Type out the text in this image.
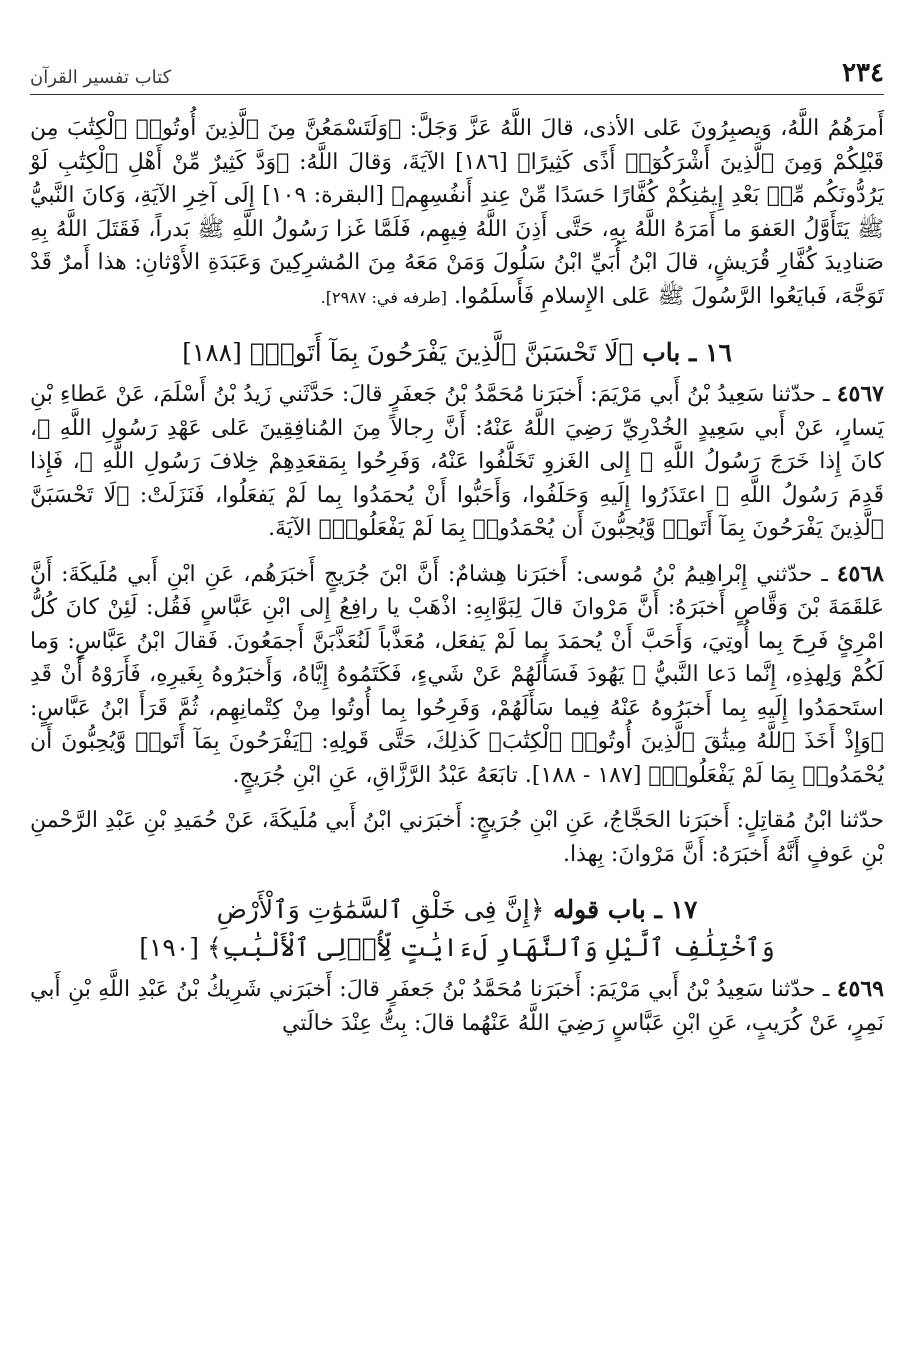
٢٣٤
كتاب تفسير القرآن

أَمرَهُمُ اللَّهُ، وَيصبِرُونَ عَلى الأذى، قالَ اللَّهُ عَزَّ وَجَلَّ: ﴿وَلَتَسْمَعُنَّ مِنَ ٱلَّذِينَ أُوتُوا۟ ٱلْكِتَٰبَ مِن قَبْلِكُمْ وَمِنَ ٱلَّذِينَ أَشْرَكُوٓا۟ أَذًى كَثِيرًا﴾ [١٨٦] الآيَةَ، وَقالَ اللَّهُ: ﴿وَدَّ كَثِيرٌ مِّنْ أَهْلِ ٱلْكِتَٰبِ لَوْ يَرُدُّونَكُم مِّنۢ بَعْدِ إِيمَٰنِكُمْ كُفَّارًا حَسَدًا مِّنْ عِندِ أَنفُسِهِم﴾ [البقرة: ١٠٩] إِلَى آخِرِ الآيَةِ، وَكانَ النَّبيُّ ﷺ يَتَأَوَّلُ العَفوَ ما أَمَرَهُ اللَّهُ بِهِ، حَتَّى أَذِنَ اللَّهُ فِيهِم، فَلَمَّا غَزا رَسُولُ اللَّهِ ﷺ بَدراً، فَقَتَلَ اللَّهُ بِهِ صَنادِيدَ كُفَّارِ قُرَيشٍ، قالَ ابْنُ أُبَيِّ ابْنُ سَلُولَ وَمَنْ مَعَهُ مِنَ المُشرِكِينَ وَعَبَدَةِ الأَوْثانِ: هذا أَمرٌ قَدْ تَوَجَّهَ، فَبايَعُوا الرَّسُولَ ﷺ عَلى الإِسلامِ فَأَسلَمُوا. [طرفه في: ٢٩٨٧].

١٦ ـ باب ﴿لَا تَحْسَبَنَّ ٱلَّذِينَ يَفْرَحُونَ بِمَآ أَتَوا۟﴾ [١٨٨]

٤٥٦٧ ـ حدّثنا سَعِيدُ بْنُ أَبي مَرْيَمَ: أَخبَرَنا مُحَمَّدُ بْنُ جَعفَرٍ قالَ: حَدَّثَني زَيدُ بْنُ أَسْلَمَ، عَنْ عَطاءِ بْنِ يَسارٍ، عَنْ أَبي سَعِيدٍ الخُدْرِيِّ رَضِيَ اللَّهُ عَنْهُ: أَنَّ رِجالاً مِنَ المُنافِقِينَ عَلى عَهْدِ رَسُولِ اللَّهِ ﷺ، كانَ إِذا خَرَجَ رَسُولُ اللَّهِ ﷺ إِلى الغَزوِ تَخَلَّفُوا عَنْهُ، وَفَرِحُوا بِمَقعَدِهِمْ خِلافَ رَسُولِ اللَّهِ ﷺ، فَإِذا قَدِمَ رَسُولُ اللَّهِ ﷺ اعتَذَرُوا إِلَيهِ وَحَلَفُوا، وَأَحَبُّوا أَنْ يُحمَدُوا بِما لَمْ يَفعَلُوا، فَنَزَلَتْ: ﴿لَا تَحْسَبَنَّ ٱلَّذِينَ يَفْرَحُونَ بِمَآ أَتَوا۟ وَّيُحِبُّونَ أَن يُحْمَدُوا۟ بِمَا لَمْ يَفْعَلُوا۟﴾ الآيَةَ.

٤٥٦٨ ـ حدّثني إِبْراهِيمُ بْنُ مُوسى: أَخبَرَنا هِشامٌ: أَنَّ ابْنَ جُرَيجٍ أَخبَرَهُم، عَنِ ابْنِ أَبي مُلَيكَةَ: أَنَّ عَلقَمَةَ بْنَ وَقَّاصٍ أَخبَرَهُ: أَنَّ مَرْوانَ قالَ لِبَوَّابِهِ: اذْهَبْ يا رافِعُ إِلى ابْنِ عَبَّاسٍ فَقُل: لَئِنْ كانَ كُلُّ امْرِئٍ فَرِحَ بِما أُوتِيَ، وَأَحَبَّ أَنْ يُحمَدَ بِما لَمْ يَفعَل، مُعَذَّباً لَنُعَذَّبَنَّ أَجمَعُونَ. فَقالَ ابْنُ عَبَّاسٍ: وَما لَكُمْ وَلِهذِهِ، إِنَّما دَعا النَّبيُّ ﷺ يَهُودَ فَسَأَلَهُمْ عَنْ شَيءٍ، فَكَتَمُوهُ إِيَّاهُ، وَأَخبَرُوهُ بِغَيرِهِ، فَأَرَوْهُ أَنْ قَدِ استَحمَدُوا إِلَيهِ بِما أَخبَرُوهُ عَنْهُ فِيما سَأَلَهُمْ، وَفَرِحُوا بِما أُوتُوا مِنْ كِتْمانِهِم، ثُمَّ قَرَأَ ابْنُ عَبَّاسٍ: ﴿وَإِذْ أَخَذَ ٱللَّهُ مِيثَٰقَ ٱلَّذِينَ أُوتُوا۟ ٱلْكِتَٰبَ﴾ كَذلِكَ، حَتَّى قَولِهِ: ﴿يَفْرَحُونَ بِمَآ أَتَوا۟ وَّيُحِبُّونَ أَن يُحْمَدُوا۟ بِمَا لَمْ يَفْعَلُوا۟﴾ [١٨٧ - ١٨٨]. تابَعَهُ عَبْدُ الرَّزَّاقِ، عَنِ ابْنِ جُرَيجٍ.

حدّثنا ابْنُ مُقاتِلٍ: أَخبَرَنا الحَجَّاجُ، عَنِ ابْنِ جُرَيجٍ: أَخبَرَني ابْنُ أَبي مُلَيكَةَ، عَنْ حُمَيدِ بْنِ عَبْدِ الرَّحْمنِ بْنِ عَوفٍ أَنَّهُ أَخبَرَهُ: أَنَّ مَرْوانَ: بِهذا.

١٧ ـ باب قوله ﴿إِنَّ فِى خَلْقِ ٱلسَّمَٰوَٰتِ وَٱلْأَرْضِ
وَٱخْتِلَٰفِ ٱلَّيْلِ وَٱلنَّهَارِ لَءَايَٰتٍ لِّأُو۟لِى ٱلْأَلْبَٰبِ﴾ [١٩٠]

٤٥٦٩ ـ حدّثنا سَعِيدُ بْنُ أَبي مَرْيَمَ: أَخبَرَنا مُحَمَّدُ بْنُ جَعفَرٍ قالَ: أَخبَرَني شَرِيكُ بْنُ عَبْدِ اللَّهِ بْنِ أَبي نَمِرٍ، عَنْ كُرَيبٍ، عَنِ ابْنِ عَبَّاسٍ رَضِيَ اللَّهُ عَنْهُما قالَ: بِتُّ عِنْدَ خالَتي
